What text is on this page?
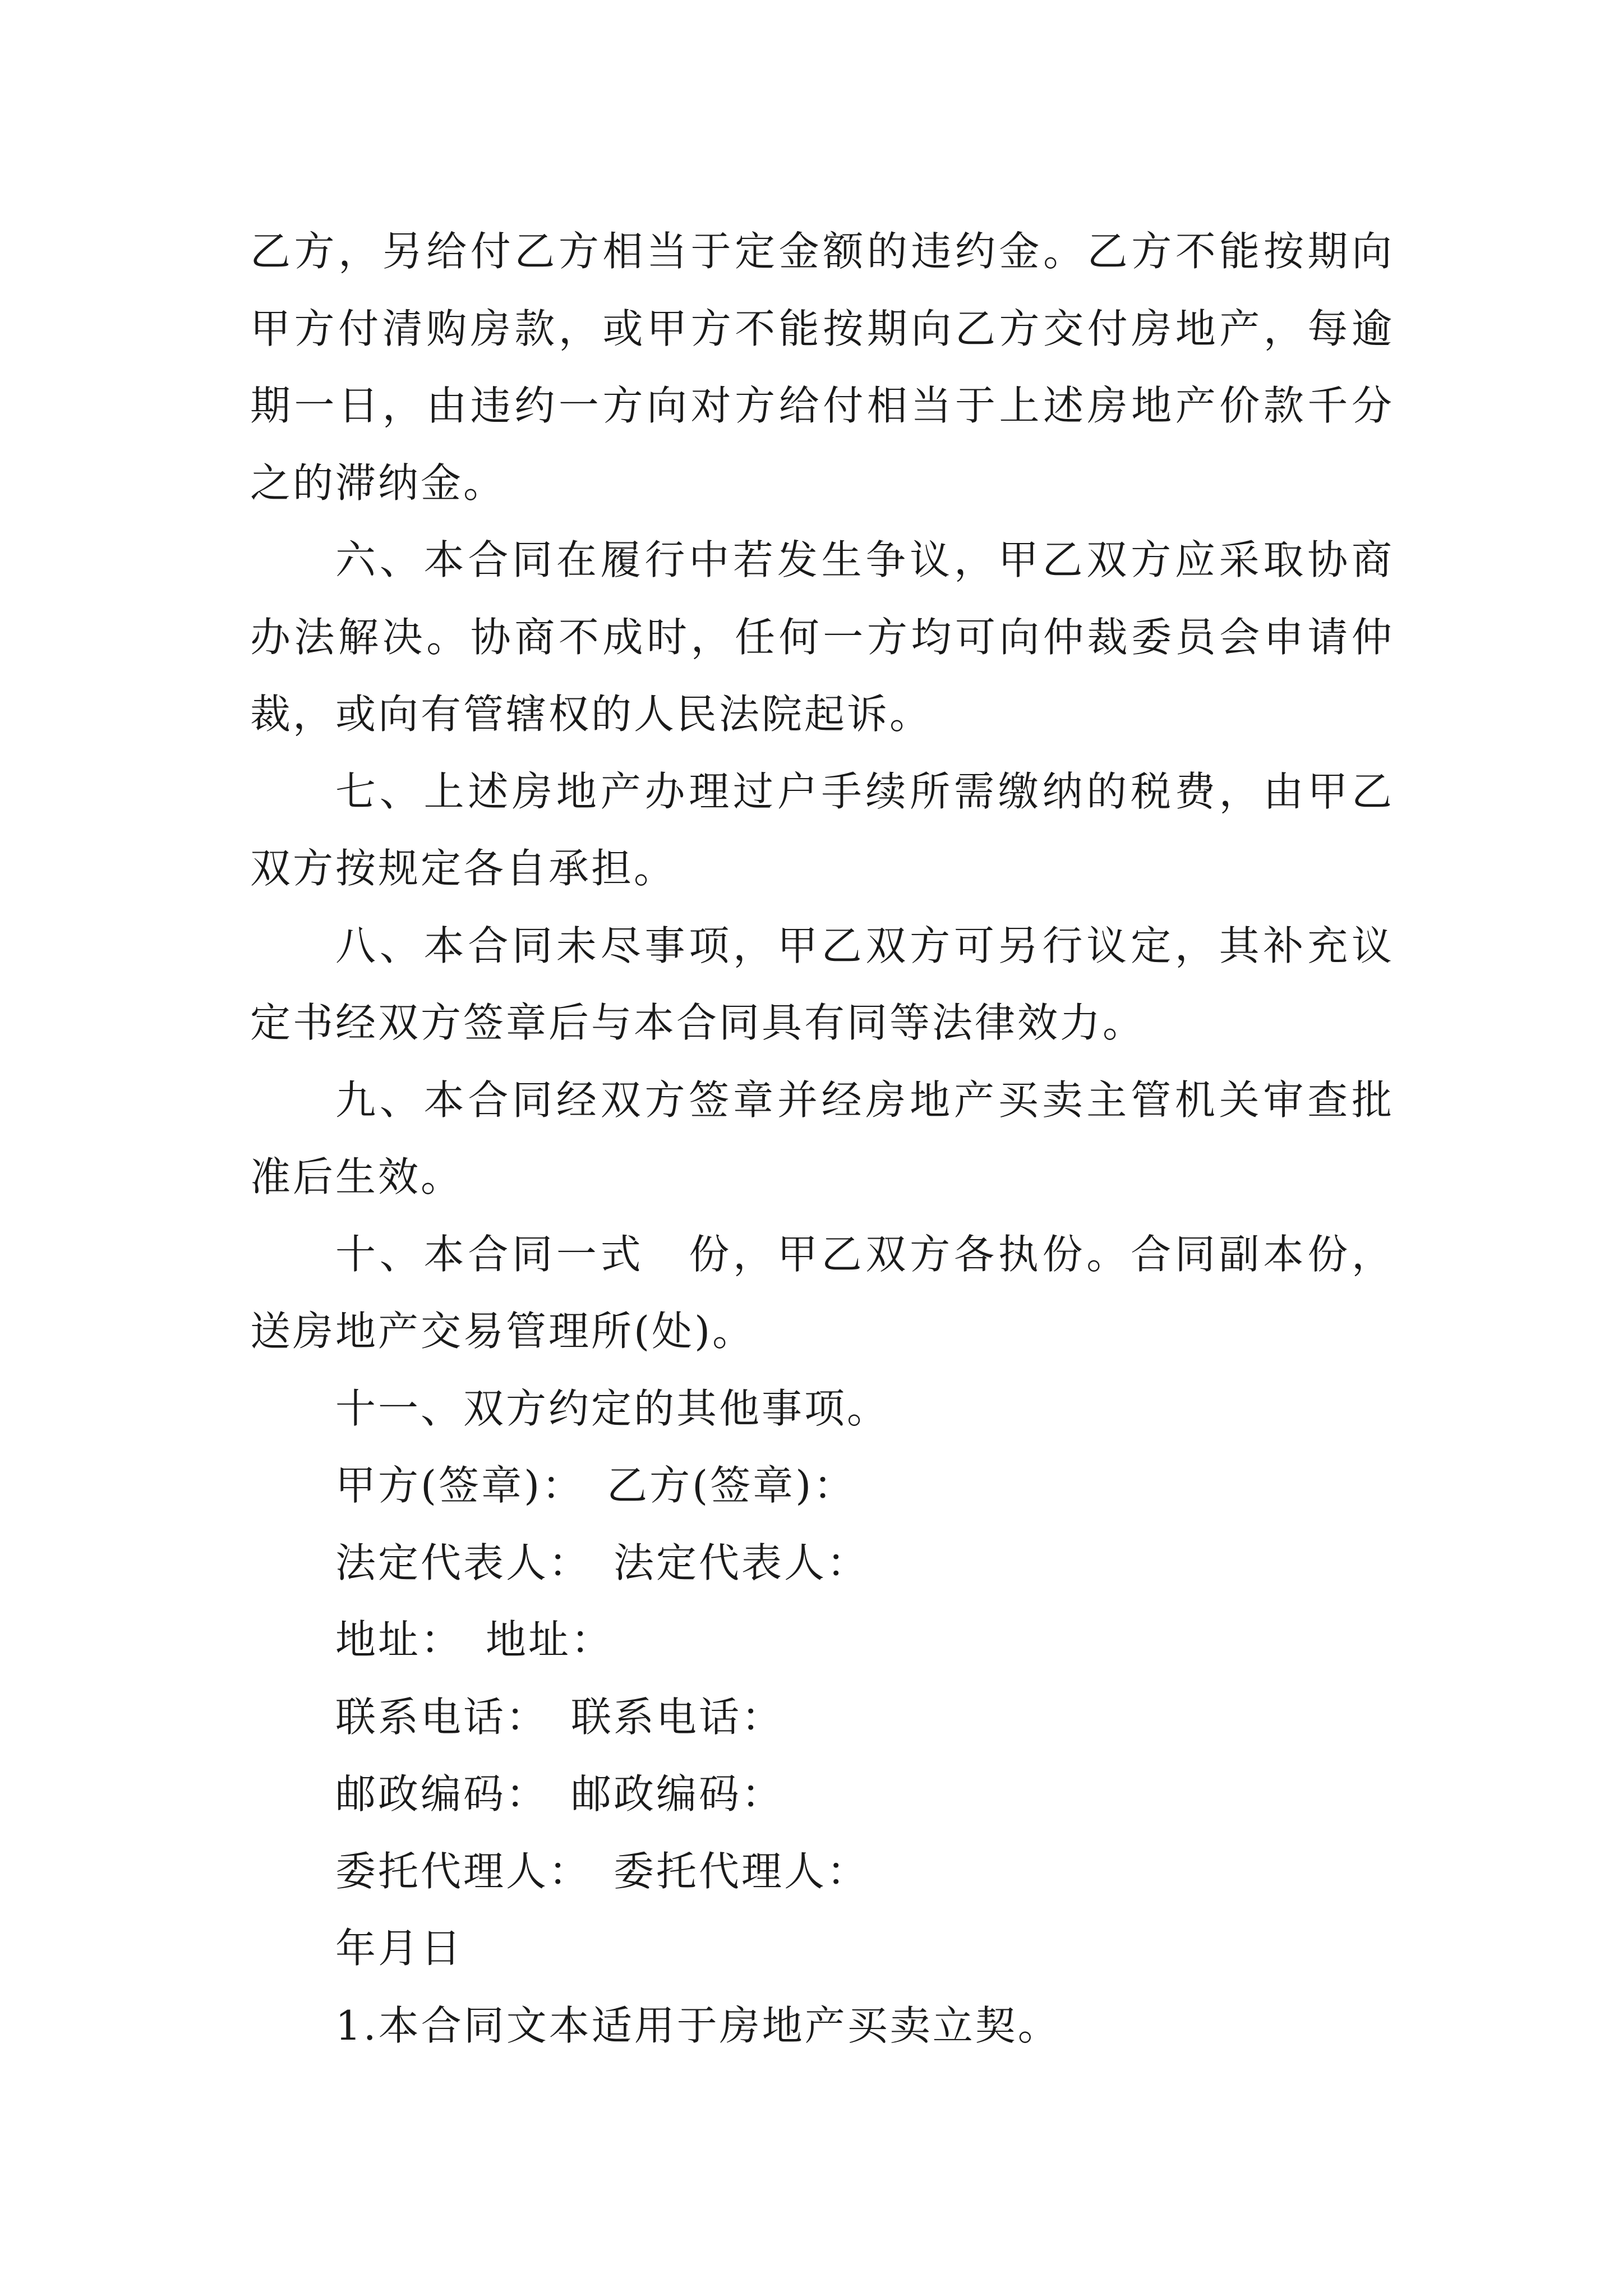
乙方，另给付乙方相当于定金额的违约金。乙方不能按期向甲方付清购房款，或甲方不能按期向乙方交付房地产，每逾期一日，由违约一方向对方给付相当于上述房地产价款千分之的滞纳金。

六、本合同在履行中若发生争议，甲乙双方应采取协商办法解决。协商不成时，任何一方均可向仲裁委员会申请仲裁，或向有管辖权的人民法院起诉。

七、上述房地产办理过户手续所需缴纳的税费，由甲乙双方按规定各自承担。

八、本合同未尽事项，甲乙双方可另行议定，其补充议定书经双方签章后与本合同具有同等法律效力。

九、本合同经双方签章并经房地产买卖主管机关审查批准后生效。

十、本合同一式　份，甲乙双方各执份。合同副本份，送房地产交易管理所(处)。

十一、双方约定的其他事项。

甲方(签章)：　乙方(签章)：

法定代表人：　法定代表人：

地址：　地址：

联系电话：　联系电话：

邮政编码：　邮政编码：

委托代理人：　委托代理人：

年月日

1.本合同文本适用于房地产买卖立契。
